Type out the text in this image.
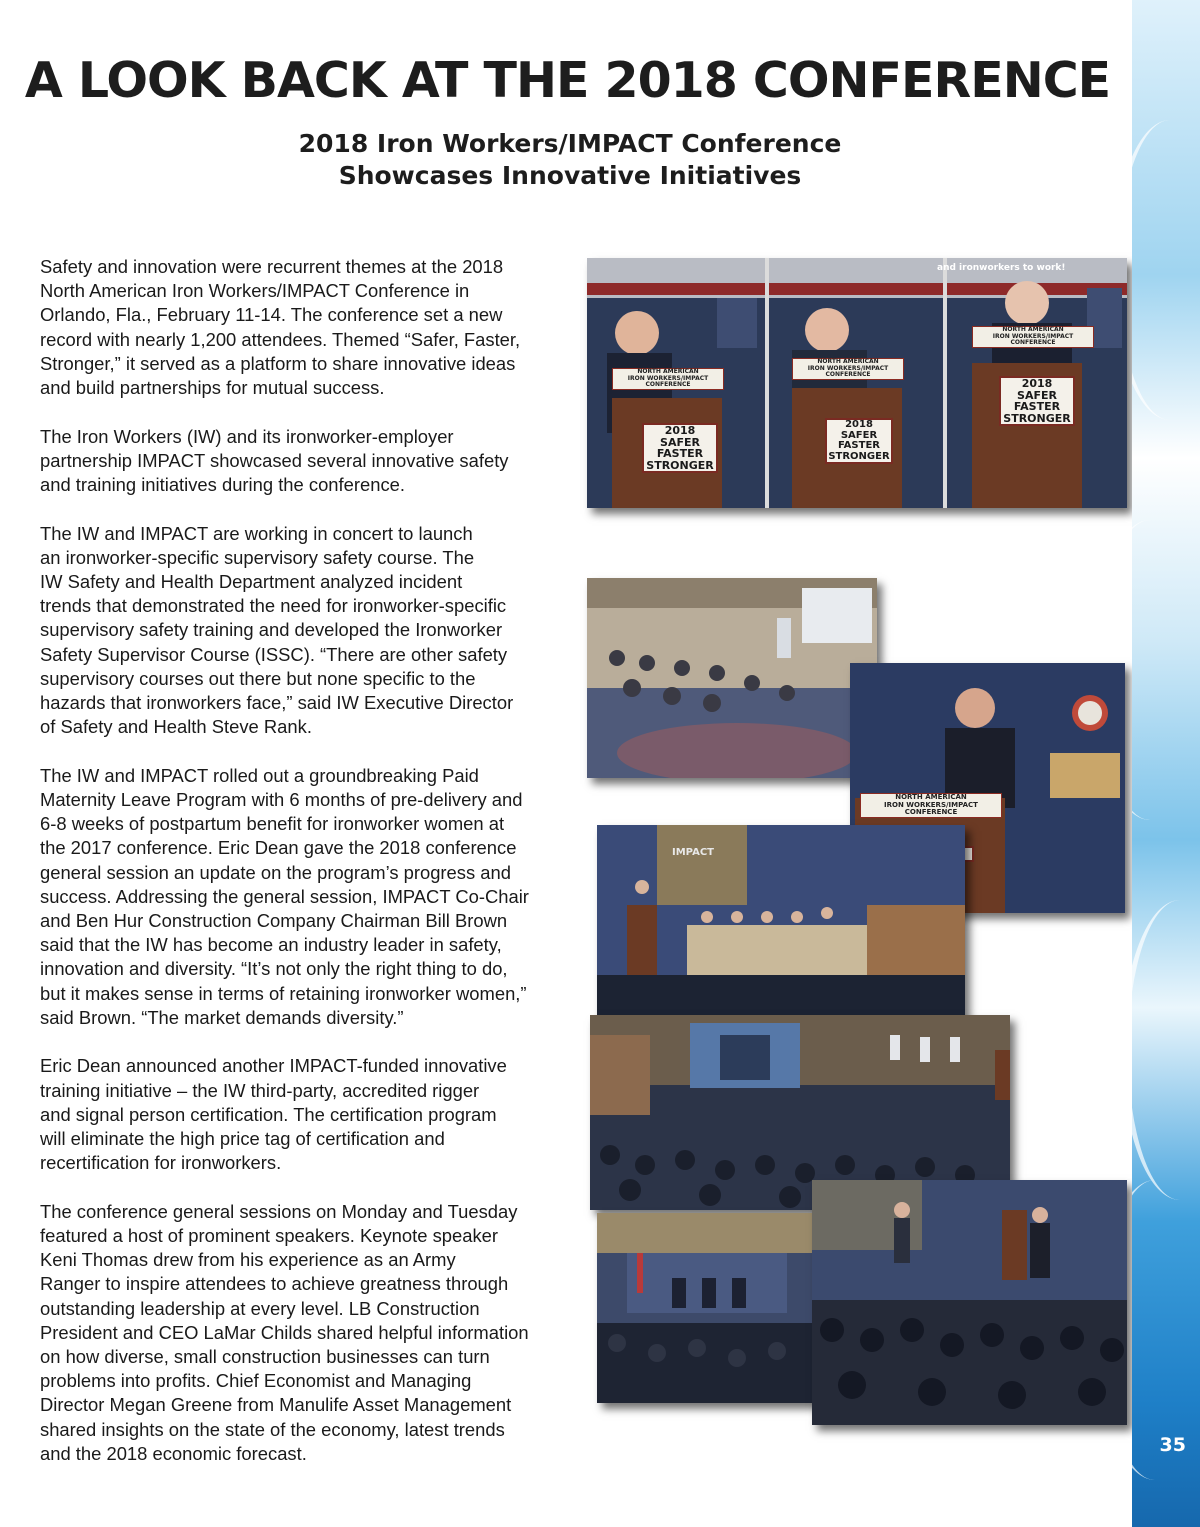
A LOOK BACK AT THE 2018 CONFERENCE
2018 Iron Workers/IMPACT Conference
Showcases Innovative Initiatives

Safety and innovation were recurrent themes at the 2018
North American Iron Workers/IMPACT Conference in
Orlando, Fla., February 11-14. The conference set a new
record with nearly 1,200 attendees. Themed “Safer, Faster,
Stronger,” it served as a platform to share innovative ideas
and build partnerships for mutual success.

The Iron Workers (IW) and its ironworker-employer
partnership IMPACT showcased several innovative safety
and training initiatives during the conference.

The IW and IMPACT are working in concert to launch
an ironworker-specific supervisory safety course. The
IW Safety and Health Department analyzed incident
trends that demonstrated the need for ironworker-specific
supervisory safety training and developed the Ironworker
Safety Supervisor Course (ISSC). “There are other safety
supervisory courses out there but none specific to the
hazards that ironworkers face,” said IW Executive Director
of Safety and Health Steve Rank.

The IW and IMPACT rolled out a groundbreaking Paid
Maternity Leave Program with 6 months of pre-delivery and
6-8 weeks of postpartum benefit for ironworker women at
the 2017 conference. Eric Dean gave the 2018 conference
general session an update on the program’s progress and
success. Addressing the general session, IMPACT Co-Chair
and Ben Hur Construction Company Chairman Bill Brown
said that the IW has become an industry leader in safety,
innovation and diversity. “It’s not only the right thing to do,
but it makes sense in terms of retaining ironworker women,”
said Brown. “The market demands diversity.”

Eric Dean announced another IMPACT-funded innovative
training initiative – the IW third-party, accredited rigger
and signal person certification. The certification program
will eliminate the high price tag of certification and
recertification for ironworkers.

The conference general sessions on Monday and Tuesday
featured a host of prominent speakers. Keynote speaker
Keni Thomas drew from his experience as an Army
Ranger to inspire attendees to achieve greatness through
outstanding leadership at every level. LB Construction
President and CEO LaMar Childs shared helpful information
on how diverse, small construction businesses can turn
problems into profits. Chief Economist and Managing
Director Megan Greene from Manulife Asset Management
shared insights on the state of the economy, latest trends
and the 2018 economic forecast.

and ironworkers to work!
NORTH AMERICAN
IRON WORKERS/IMPACT
CONFERENCE
2018
SAFER
FASTER
STRONGER
NORTH AMERICAN
IRON WORKERS/IMPACT
CONFERENCE
2018
SAFER
FASTER
STRONGER
NORTH AMERICAN
IRON WORKERS/IMPACT
CONFERENCE
2018
SAFER
FASTER
STRONGER
NORTH AMERICAN
IRON WORKERS/IMPACT
CONFERENCE
IMPACT
35
